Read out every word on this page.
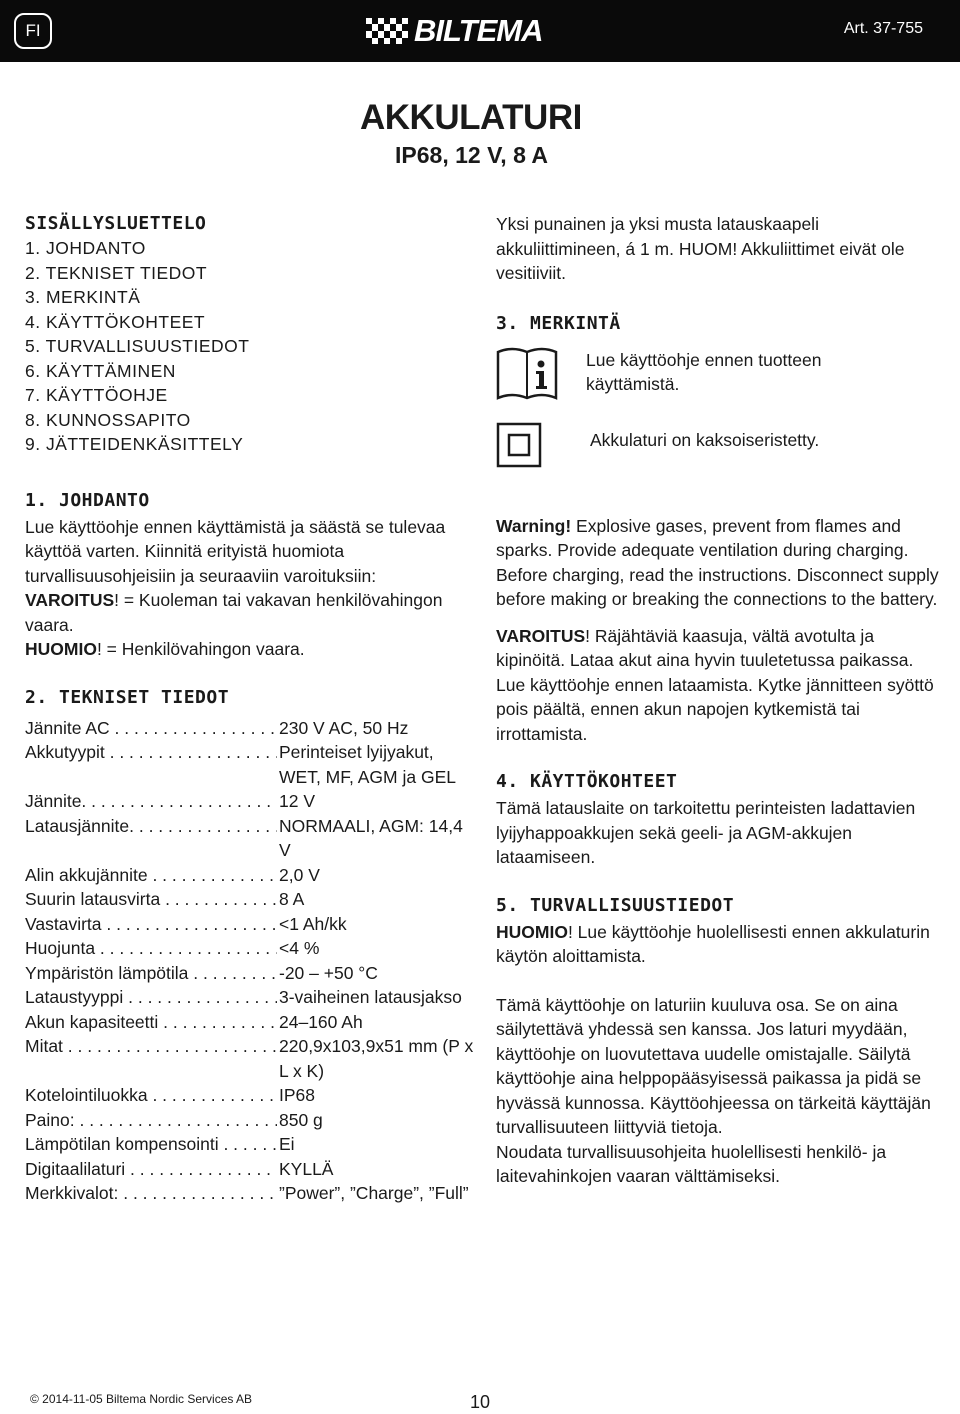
FI	BILTEMA	Art. 37-755
AKKULATURI
IP68, 12 V, 8 A
SISÄLLYSLUETTELO
1. JOHDANTO
2. TEKNISET TIEDOT
3. MERKINTÄ
4. KÄYTTÖKOHTEET
5. TURVALLISUUSTIEDOT
6. KÄYTTÄMINEN
7. KÄYTTÖOHJE
8. KUNNOSSAPITO
9. JÄTTEIDENKÄSITTELY
1. JOHDANTO

Lue käyttöohje ennen käyttämistä ja säästä se tulevaa käyttöä varten. Kiinnitä erityistä huomiota turvallisuusohjeisiin ja seuraaviin varoituksiin:

VAROITUS! = Kuoleman tai vakavan henkilövahingon vaara.

HUOMIO! = Henkilövahingon vaara.

2. TEKNISET TIEDOT
Jännite AC . . .	230 V AC, 50 Hz
Akkutyypit . . .	Perinteiset lyijyakut, WET, MF, AGM ja GEL
Jännite. . . .	12 V
Latausjännite. . . .	NORMAALI, AGM: 14,4 V
Alin akkujännite . . .	2,0 V
Suurin latausvirta . . .	8 A
Vastavirta . . .	<1 Ah/kk
Huojunta . . .	<4 %
Ympäristön lämpötila . . .	-20 – +50 °C
Lataustyyppi . . .	3-vaiheinen latausjakso
Akun kapasiteetti . . .	24–160 Ah
Mitat . . .	220,9x103,9x51 mm (P x L x K)
Kotelointiluokka . . .	IP68
Paino: . . .	850 g
Lämpötilan kompensointi . . .	Ei
Digitaalilaturi . . .	KYLLÄ
Merkkivalot: . . .	”Power”, ”Charge”, ”Full”

Yksi punainen ja yksi musta latauskaapeli akkuliittimineen, á 1 m. HUOM! Akkuliittimet eivät ole vesitiiviit.

3. MERKINTÄ

Lue käyttöohje ennen tuotteen käyttämistä.

Akkulaturi on kaksoiseristetty.

Warning! Explosive gases, prevent from flames and sparks. Provide adequate ventilation during charging. Before charging, read the instructions. Disconnect supply before making or breaking the connections to the battery.

VAROITUS! Räjähtäviä kaasuja, vältä avotulta ja kipinöitä. Lataa akut aina hyvin tuuletetussa paikassa. Lue käyttöohje ennen lataamista. Kytke jännitteen syöttö pois päältä, ennen akun napojen kytkemistä tai irrottamista.

4. KÄYTTÖKOHTEET

Tämä latauslaite on tarkoitettu perinteisten ladattavien lyijyhappoakkujen sekä geeli- ja AGM-akkujen lataamiseen.

5. TURVALLISUUSTIEDOT

HUOMIO! Lue käyttöohje huolellisesti ennen akkulaturin käytön aloittamista.

Tämä käyttöohje on laturiin kuuluva osa. Se on aina säilytettävä yhdessä sen kanssa. Jos laturi myydään, käyttöohje on luovutettava uudelle omistajalle. Säilytä käyttöohje aina helppopääsyisessä paikassa ja pidä se hyvässä kunnossa. Käyttöohjeessa on tärkeitä käyttäjän turvallisuuteen liittyviä tietoja.

Noudata turvallisuusohjeita huolellisesti henkilö- ja laitevahinkojen vaaran välttämiseksi.

© 2014-11-05 Biltema Nordic Services AB	10
